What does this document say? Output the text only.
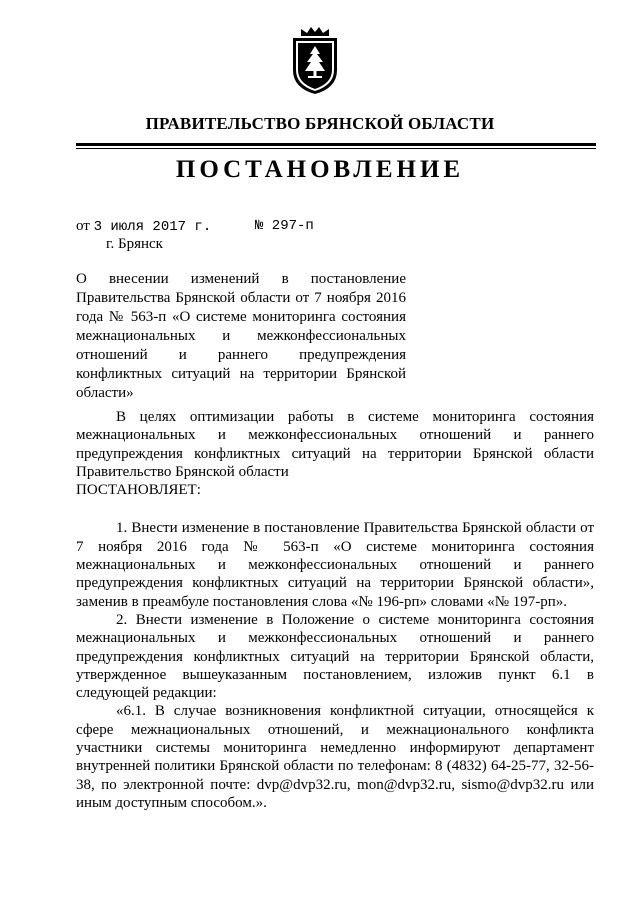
ПРАВИТЕЛЬСТВО БРЯНСКОЙ ОБЛАСТИ
ПОСТАНОВЛЕНИЕ
от 3 июля 2017 г.	№ 297-п
г. Брянск
О внесении изменений в постановление Правительства Брянской области от 7 ноября 2016 года № 563-п «О системе мониторинга состояния межнациональных и межконфессиональных отношений и раннего предупреждения конфликтных ситуаций на территории Брянской области»

В целях оптимизации работы в системе мониторинга состояния межнациональных и межконфессиональных отношений и раннего предупреждения конфликтных ситуаций на территории Брянской области Правительство Брянской области

ПОСТАНОВЛЯЕТ:

1. Внести изменение в постановление Правительства Брянской области от 7 ноября 2016 года № 563-п «О системе мониторинга состояния межнациональных и межконфессиональных отношений и раннего предупреждения конфликтных ситуаций на территории Брянской области», заменив в преамбуле постановления слова «№ 196-рп» словами «№ 197-рп».

2. Внести изменение в Положение о системе мониторинга состояния межнациональных и межконфессиональных отношений и раннего предупреждения конфликтных ситуаций на территории Брянской области, утвержденное вышеуказанным постановлением, изложив пункт 6.1 в следующей редакции:

«6.1. В случае возникновения конфликтной ситуации, относящейся к сфере межнациональных отношений, и межнационального конфликта участники системы мониторинга немедленно информируют департамент внутренней политики Брянской области по телефонам: 8 (4832) 64-25-77, 32-56-38, по электронной почте: dvp@dvp32.ru, mon@dvp32.ru, sismo@dvp32.ru или иным доступным способом.».
